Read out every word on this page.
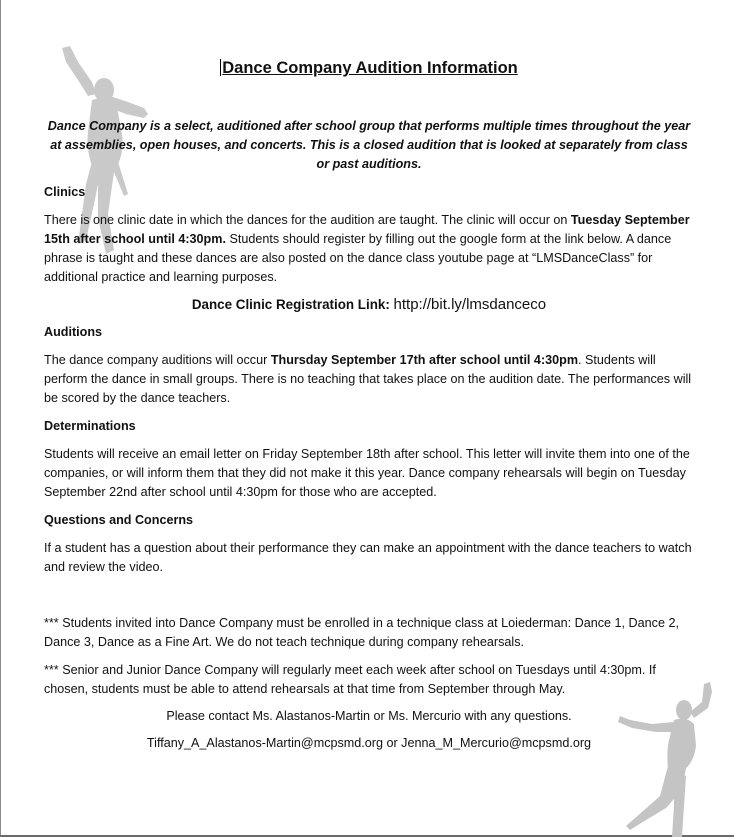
Dance Company Audition Information
Dance Company is a select, auditioned after school group that performs multiple times throughout the year at assemblies, open houses, and concerts. This is a closed audition that is looked at separately from class or past auditions.
Clinics
There is one clinic date in which the dances for the audition are taught. The clinic will occur on Tuesday September 15th after school until 4:30pm. Students should register by filling out the google form at the link below. A dance phrase is taught and these dances are also posted on the dance class youtube page at “LMSDanceClass” for additional practice and learning purposes.
Dance Clinic Registration Link: http://bit.ly/lmsdanceco
Auditions
The dance company auditions will occur Thursday September 17th after school until 4:30pm. Students will perform the dance in small groups. There is no teaching that takes place on the audition date. The performances will be scored by the dance teachers.
Determinations
Students will receive an email letter on Friday September 18th after school. This letter will invite them into one of the companies, or will inform them that they did not make it this year. Dance company rehearsals will begin on Tuesday September 22nd after school until 4:30pm for those who are accepted.
Questions and Concerns
If a student has a question about their performance they can make an appointment with the dance teachers to watch and review the video.
*** Students invited into Dance Company must be enrolled in a technique class at Loiederman: Dance 1, Dance 2, Dance 3, Dance as a Fine Art. We do not teach technique during company rehearsals.
*** Senior and Junior Dance Company will regularly meet each week after school on Tuesdays until 4:30pm. If chosen, students must be able to attend rehearsals at that time from September through May.
Please contact Ms. Alastanos-Martin or Ms. Mercurio with any questions.
Tiffany_A_Alastanos-Martin@mcpsmd.org or Jenna_M_Mercurio@mcpsmd.org
